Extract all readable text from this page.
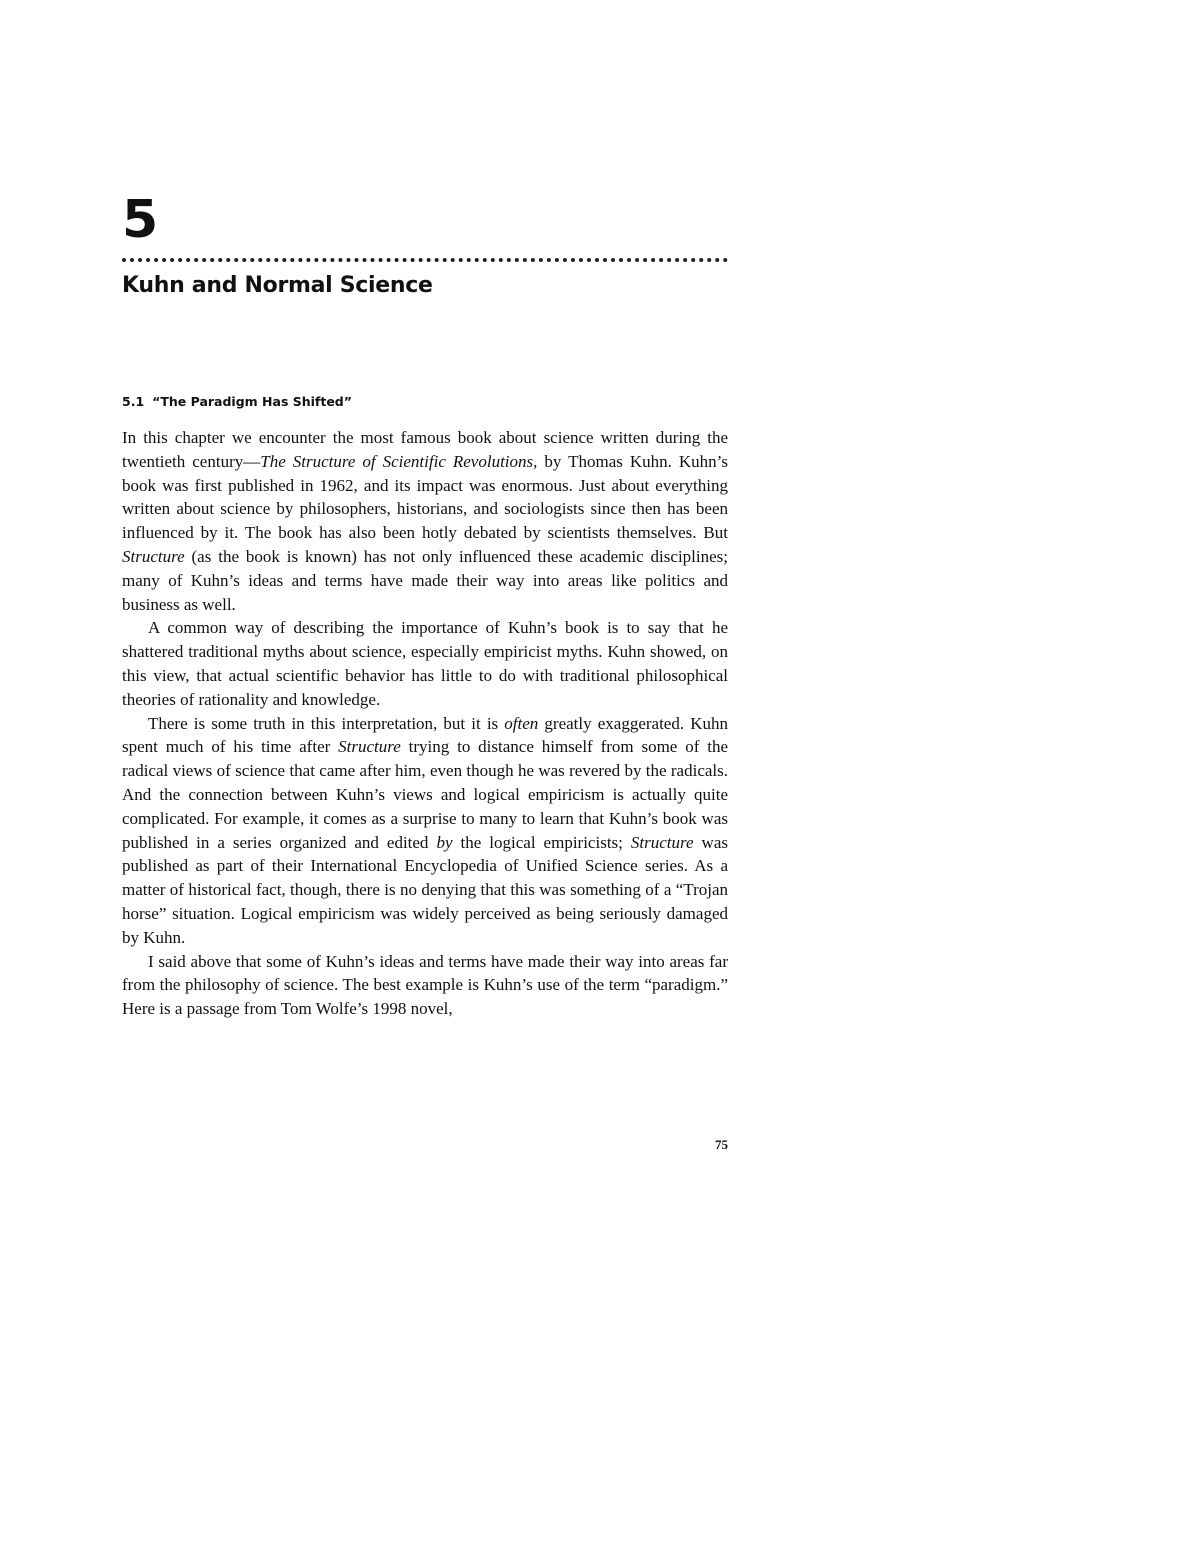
5
Kuhn and Normal Science
5.1 “The Paradigm Has Shifted”

In this chapter we encounter the most famous book about science written during the twentieth century—The Structure of Scientific Revolutions, by Thomas Kuhn. Kuhn’s book was first published in 1962, and its impact was enormous. Just about everything written about science by philosophers, historians, and sociologists since then has been influenced by it. The book has also been hotly debated by scientists themselves. But Structure (as the book is known) has not only influenced these academic disciplines; many of Kuhn’s ideas and terms have made their way into areas like politics and business as well.

A common way of describing the importance of Kuhn’s book is to say that he shattered traditional myths about science, especially empiricist myths. Kuhn showed, on this view, that actual scientific behavior has little to do with traditional philosophical theories of rationality and knowledge.

There is some truth in this interpretation, but it is often greatly exaggerated. Kuhn spent much of his time after Structure trying to distance himself from some of the radical views of science that came after him, even though he was revered by the radicals. And the connection between Kuhn’s views and logical empiricism is actually quite complicated. For example, it comes as a surprise to many to learn that Kuhn’s book was published in a series organized and edited by the logical empiricists; Structure was published as part of their International Encyclopedia of Unified Science series. As a matter of historical fact, though, there is no denying that this was something of a “Trojan horse” situation. Logical empiricism was widely perceived as being seriously damaged by Kuhn.

I said above that some of Kuhn’s ideas and terms have made their way into areas far from the philosophy of science. The best example is Kuhn’s use of the term “paradigm.” Here is a passage from Tom Wolfe’s 1998 novel,

75
